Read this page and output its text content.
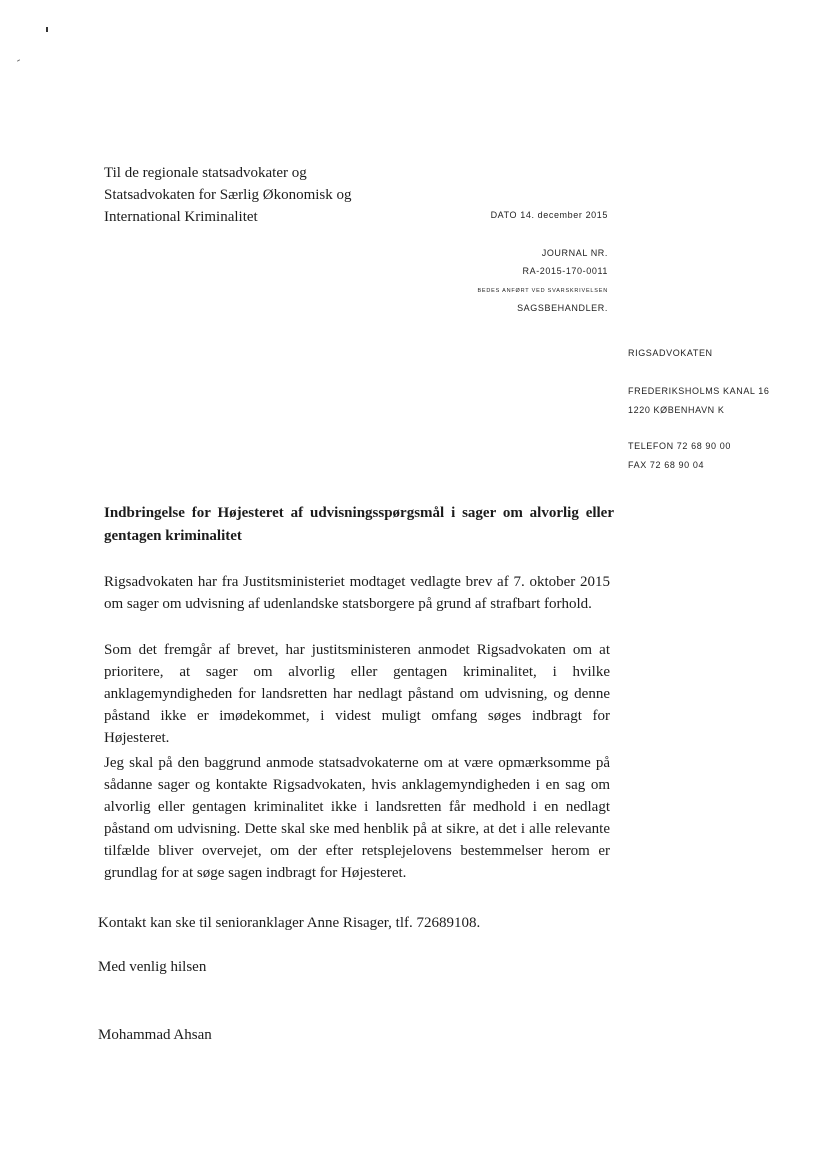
Til de regionale statsadvokater og
Statsadvokaten for Særlig Økonomisk og
International Kriminalitet	DATO 14. december 2015
JOURNAL NR.
RA-2015-170-0011
BEDES ANFØRT VED SVARSKRIVELSEN
SAGSBEHANDLER.
RIGSADVOKATEN
FREDERIKSHOLMS KANAL 16
1220 KØBENHAVN K
TELEFON 72 68 90 00
FAX 72 68 90 04
Indbringelse for Højesteret af udvisningsspørgsmål i sager om alvorlig eller
gentagen kriminalitet

Rigsadvokaten har fra Justitsministeriet modtaget vedlagte brev af 7. oktober 2015 om sager om udvisning af udenlandske statsborgere på grund af strafbart forhold.

Som det fremgår af brevet, har justitsministeren anmodet Rigsadvokaten om at prioritere, at sager om alvorlig eller gentagen kriminalitet, i hvilke anklagemyndigheden for landsretten har nedlagt påstand om udvisning, og denne påstand ikke er imødekommet, i videst muligt omfang søges indbragt for Højesteret.

Jeg skal på den baggrund anmode statsadvokaterne om at være opmærksomme på sådanne sager og kontakte Rigsadvokaten, hvis anklagemyndigheden i en sag om alvorlig eller gentagen kriminalitet ikke i landsretten får medhold i en nedlagt påstand om udvisning. Dette skal ske med henblik på at sikre, at det i alle relevante tilfælde bliver overvejet, om der efter retsplejelovens bestemmelser herom er grundlag for at søge sagen indbragt for Højesteret.

Kontakt kan ske til senioranklager Anne Risager, tlf. 72689108.
Med venlig hilsen
Mohammad Ahsan
